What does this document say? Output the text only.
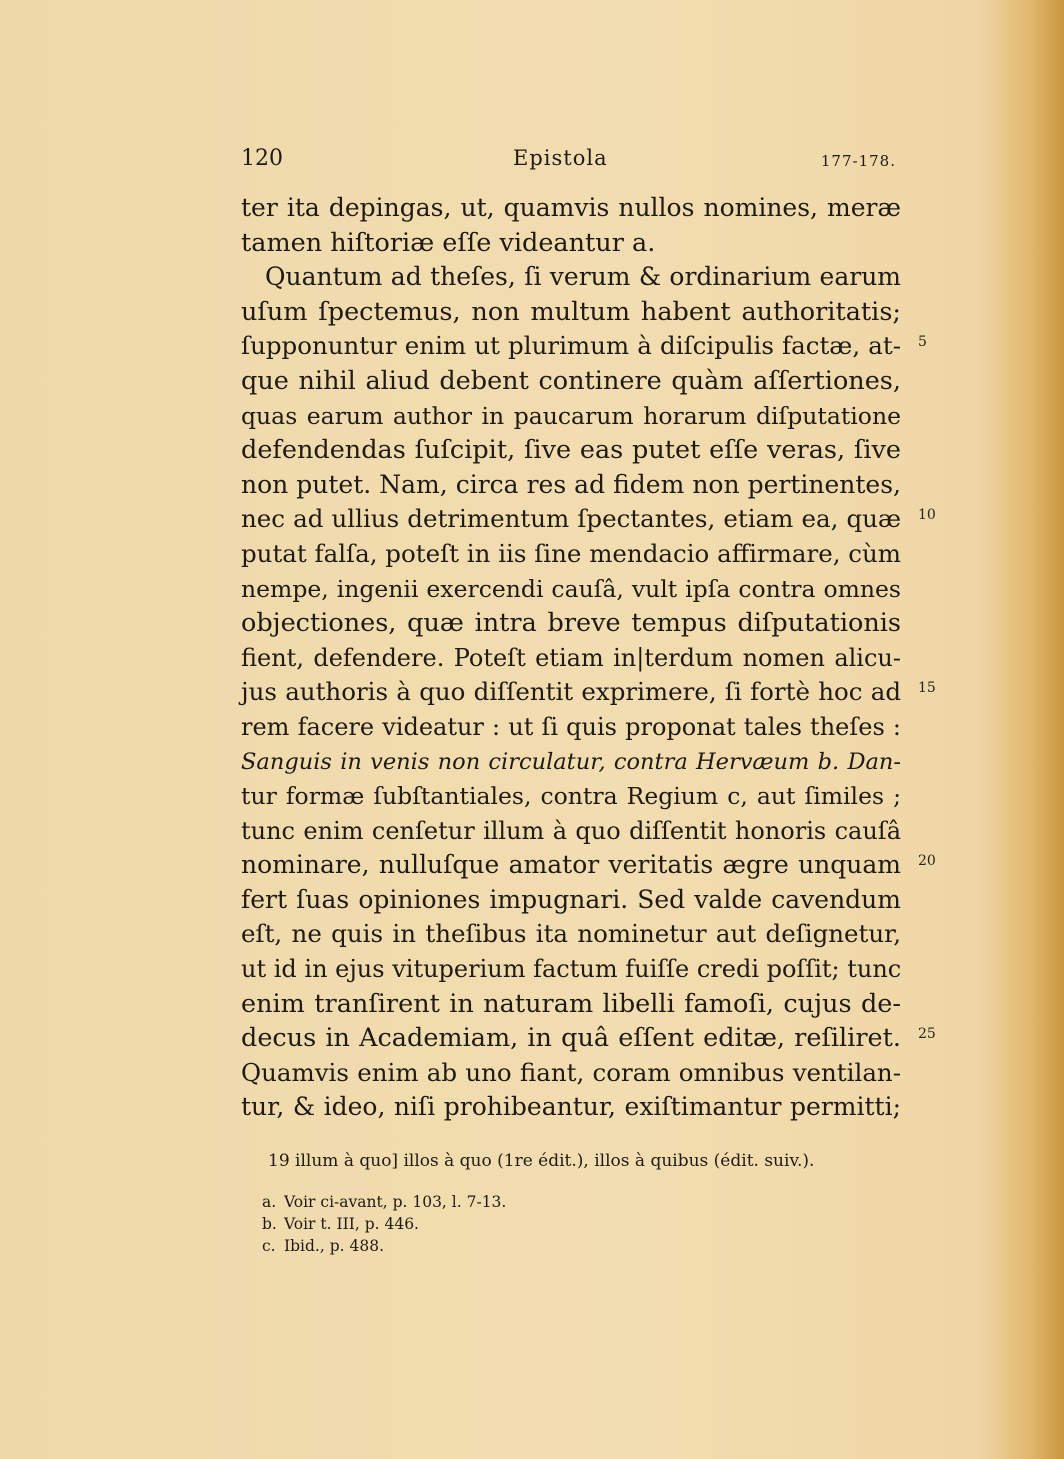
120	Epistola	177-178.
ter ita depingas, ut, quamvis nullos nomines, meræ
tamen hiſtoriæ eſſe videantur a.
Quantum ad theſes, ſi verum & ordinarium earum
uſum ſpectemus, non multum habent authoritatis;
ſupponuntur enim ut plurimum à diſcipulis factæ, at-
que nihil aliud debent continere quàm aſſertiones,
quas earum author in paucarum horarum diſputatione
defendendas ſuſcipit, ſive eas putet eſſe veras, ſive
non putet. Nam, circa res ad fidem non pertinentes,
nec ad ullius detrimentum ſpectantes, etiam ea, quæ
putat falſa, poteſt in iis ſine mendacio affirmare, cùm
nempe, ingenii exercendi cauſâ, vult ipſa contra omnes
objectiones, quæ intra breve tempus diſputationis
fient, defendere. Poteſt etiam in|terdum nomen alicu-
jus authoris à quo diſſentit exprimere, ſi fortè hoc ad
rem facere videatur : ut ſi quis proponat tales theſes :
Sanguis in venis non circulatur, contra Hervæum b. Dan-
tur formæ ſubſtantiales, contra Regium c, aut ſimiles ;
tunc enim cenſetur illum à quo diſſentit honoris cauſâ
nominare, nulluſque amator veritatis ægre unquam
fert ſuas opiniones impugnari. Sed valde cavendum
eſt, ne quis in theſibus ita nominetur aut deſignetur,
ut id in ejus vituperium factum fuiſſe credi poſſit; tunc
enim tranſirent in naturam libelli famoſi, cujus de-
decus in Academiam, in quâ eſſent editæ, reſiliret.
Quamvis enim ab uno fiant, coram omnibus ventilan-
tur, & ideo, niſi prohibeantur, exiſtimantur permitti;
5
10
15
20
25
19 illum à quo] illos à quo (1re édit.), illos à quibus (édit. suiv.).
a. Voir ci-avant, p. 103, l. 7-13.
b. Voir t. III, p. 446.
c. Ibid., p. 488.
